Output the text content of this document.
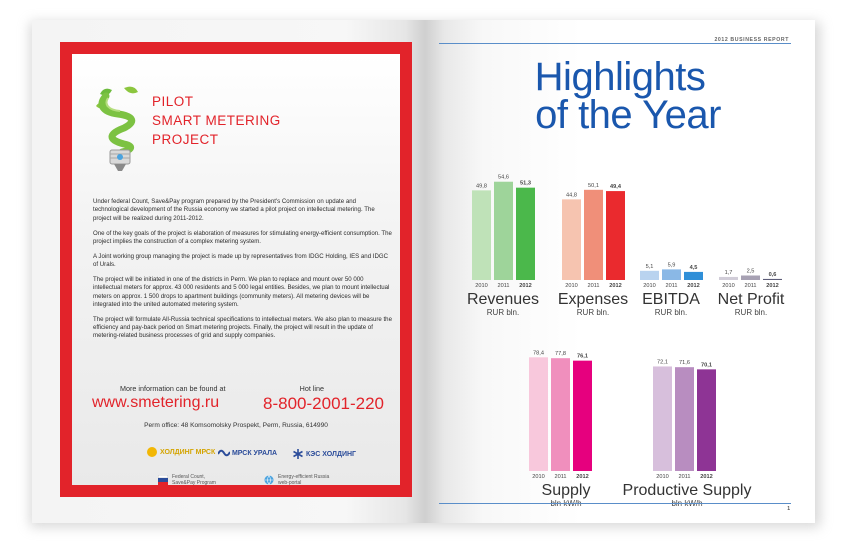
PILOT
SMART METERING
PROJECT

Under federal Count, Save&Pay program prepared by the President's Commission on update and technological development of the Russia economy we started a pilot project on intellectual metering. The project will be realized during 2011-2012.

One of the key goals of the project is elaboration of measures for stimulating energy-efficient consumption. The project implies the construction of a complex metering system.

A Joint working group managing the project is made up by representatives from IDGC Holding, IES and IDGC of Urals.

The project will be initiated in one of the districts in Perm. We plan to replace and mount over 50 000 intellectual meters for approx. 43 000 residents and 5 000 legal entities. Besides, we plan to mount intellectual meters on approx. 1 500 drops to apartment buildings (community meters). All metering devices will be integrated into the united automated metering system.

The project will formulate All-Russia technical specifications to intellectual meters. We also plan to measure the efficiency and pay-back period on Smart metering projects. Finally, the project will result in the update of metering-related business processes of grid and supply companies.

More information can be found at	Hot line
www.smetering.ru	8-800-2001-220
Perm office: 48 Komsomolsky Prospekt, Perm, Russia, 614990
ХОЛДИНГ МРСК	МРСК УРАЛА	КЭС ХОЛДИНГ
Federal Count,
Save&Pay Program
Energy-efficient Russia
web-portal
2012 BUSINESS REPORT
Highlights
of the Year
49,8
2010
54,6
2011
51,3
2012
Revenues
RUR bln.
44,8
2010
50,1
2011
49,4
2012
Expenses
RUR bln.
5,1
2010
5,9
2011
4,5
2012
EBITDA
RUR bln.
1,7
2010
2,5
2011
0,6
2012
Net Profit
RUR bln.
78,4
2010
77,8
2011
76,1
2012
Supply
72,1
2010
71,6
2011
70,1
2012
Productive Supply
1
